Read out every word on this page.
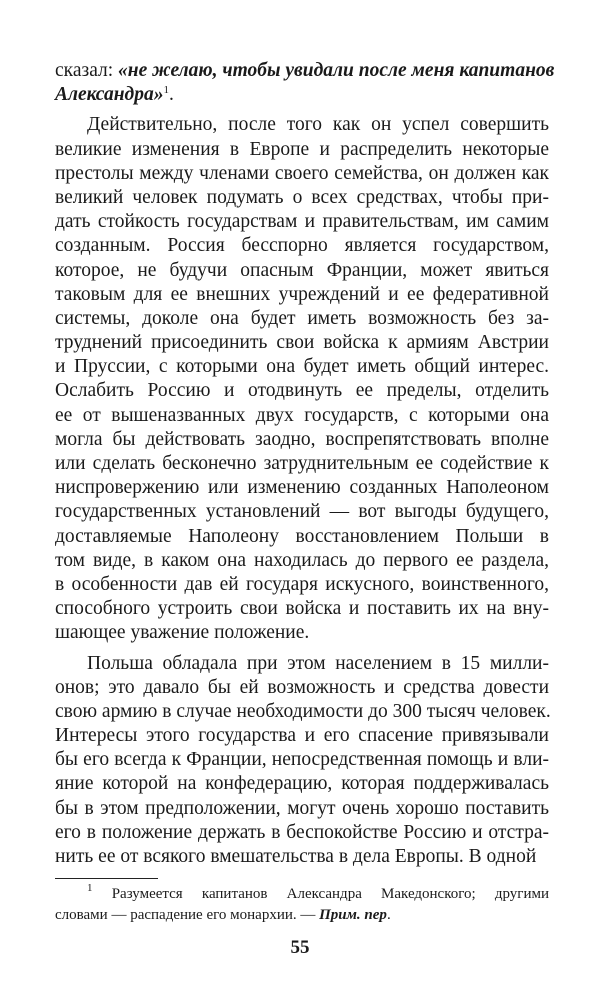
сказал: «не желаю, чтобы увидали после меня капитанов
Александра»$^1$.

Действительно, после того как он успел совершить
великие изменения в Европе и распределить некоторые
престолы между членами своего семейства, он должен как
великий человек подумать о всех средствах, чтобы при-
дать стойкость государствам и правительствам, им самим
созданным. Россия бесспорно является государством,
которое, не будучи опасным Франции, может явиться
таковым для ее внешних учреждений и ее федеративной
системы, доколе она будет иметь возможность без за-
труднений присоединить свои войска к армиям Австрии
и Пруссии, с которыми она будет иметь общий интерес.
Ослабить Россию и отодвинуть ее пределы, отделить
ее от вышеназванных двух государств, с которыми она
могла бы действовать заодно, воспрепятствовать вполне
или сделать бесконечно затруднительным ее содействие к
ниспровержению или изменению созданных Наполеоном
государственных установлений — вот выгоды будущего,
доставляемые Наполеону восстановлением Польши в
том виде, в каком она находилась до первого ее раздела,
в особенности дав ей государя искусного, воинственного,
способного устроить свои войска и поставить их на вну-
шающее уважение положение.

Польша обладала при этом населением в 15 милли-
онов; это давало бы ей возможность и средства довести
свою армию в случае необходимости до 300 тысяч человек.
Интересы этого государства и его спасение привязывали
бы его всегда к Франции, непосредственная помощь и вли-
яние которой на конфедерацию, которая поддерживалась
бы в этом предположении, могут очень хорошо поставить
его в положение держать в беспокойстве Россию и отстра-
нить ее от всякого вмешательства в дела Европы. В одной

$^1$ Разумеется капитанов Александра Македонского; другими
словами — распадение его монархии. — Прим. пер.
55
